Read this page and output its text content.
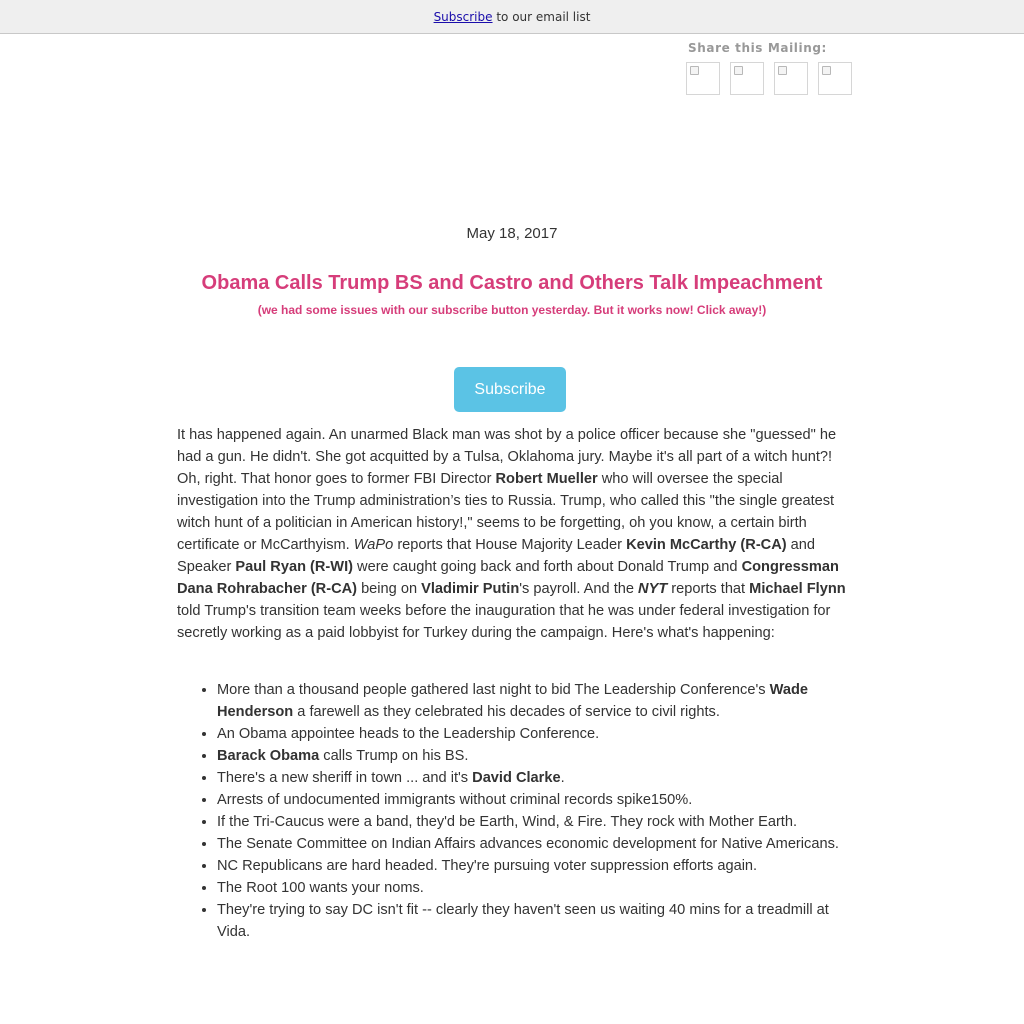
Subscribe to our email list
Share this Mailing:
May 18, 2017
Obama Calls Trump BS and Castro and Others Talk Impeachment
(we had some issues with our subscribe button yesterday. But it works now! Click away!)
Subscribe

It has happened again. An unarmed Black man was shot by a police officer because she "guessed" he had a gun. He didn't. She got acquitted by a Tulsa, Oklahoma jury. Maybe it's all part of a witch hunt?! Oh, right. That honor goes to former FBI Director Robert Mueller who will oversee the special investigation into the Trump administration’s ties to Russia. Trump, who called this "the single greatest witch hunt of a politician in American history!," seems to be forgetting, oh you know, a certain birth certificate or McCarthyism. WaPo reports that House Majority Leader Kevin McCarthy (R-CA) and Speaker Paul Ryan (R-WI) were caught going back and forth about Donald Trump and Congressman Dana Rohrabacher (R-CA) being on Vladimir Putin's payroll. And the NYT reports that Michael Flynn told Trump's transition team weeks before the inauguration that he was under federal investigation for secretly working as a paid lobbyist for Turkey during the campaign. Here's what's happening:

• More than a thousand people gathered last night to bid The Leadership Conference's Wade Henderson a farewell as they celebrated his decades of service to civil rights.
• An Obama appointee heads to the Leadership Conference.
• Barack Obama calls Trump on his BS.
• There's a new sheriff in town ... and it's David Clarke.
• Arrests of undocumented immigrants without criminal records spike150%.
• If the Tri-Caucus were a band, they'd be Earth, Wind, & Fire. They rock with Mother Earth.
• The Senate Committee on Indian Affairs advances economic development for Native Americans.
• NC Republicans are hard headed. They're pursuing voter suppression efforts again.
• The Root 100 wants your noms.
• They're trying to say DC isn't fit -- clearly they haven't seen us waiting 40 mins for a treadmill at Vida.
